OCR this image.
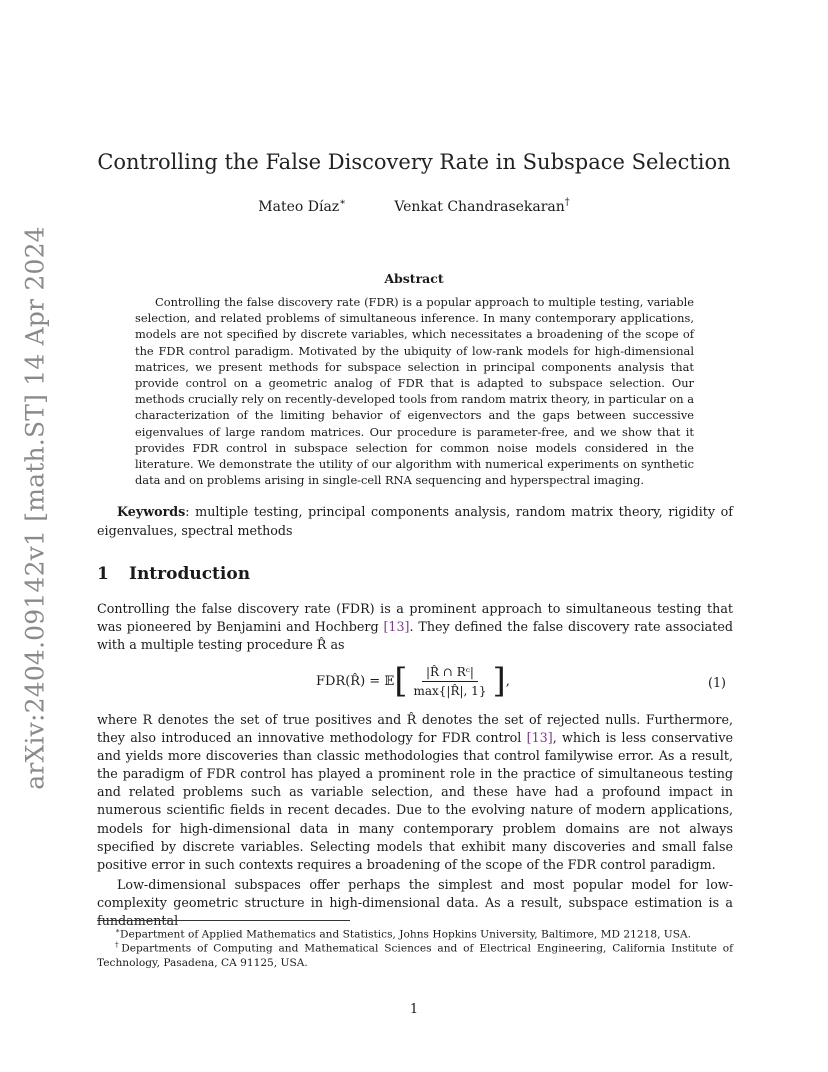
arXiv:2404.09142v1 [math.ST] 14 Apr 2024
Controlling the False Discovery Rate in Subspace Selection
Mateo Díaz∗	Venkat Chandrasekaran†
Abstract
Controlling the false discovery rate (FDR) is a popular approach to multiple testing, variable selection, and related problems of simultaneous inference. In many contemporary applications, models are not specified by discrete variables, which necessitates a broadening of the scope of the FDR control paradigm. Motivated by the ubiquity of low-rank models for high-dimensional matrices, we present methods for subspace selection in principal components analysis that provide control on a geometric analog of FDR that is adapted to subspace selection. Our methods crucially rely on recently-developed tools from random matrix theory, in particular on a characterization of the limiting behavior of eigenvectors and the gaps between successive eigenvalues of large random matrices. Our procedure is parameter-free, and we show that it provides FDR control in subspace selection for common noise models considered in the literature. We demonstrate the utility of our algorithm with numerical experiments on synthetic data and on problems arising in single-cell RNA sequencing and hyperspectral imaging.
Keywords: multiple testing, principal components analysis, random matrix theory, rigidity of eigenvalues, spectral methods
1 Introduction
Controlling the false discovery rate (FDR) is a prominent approach to simultaneous testing that was pioneered by Benjamini and Hochberg [13]. They defined the false discovery rate associated with a multiple testing procedure R̂ as
FDR(R̂) = 𝔼 [ $\frac{\text{|R̂ ∩ Rᶜ|}}{\max\{|R̂|, 1\}}$ ] ,	(1)
where R denotes the set of true positives and R̂ denotes the set of rejected nulls. Furthermore, they also introduced an innovative methodology for FDR control [13], which is less conservative and yields more discoveries than classic methodologies that control familywise error. As a result, the paradigm of FDR control has played a prominent role in the practice of simultaneous testing and related problems such as variable selection, and these have had a profound impact in numerous scientific fields in recent decades. Due to the evolving nature of modern applications, models for high-dimensional data in many contemporary problem domains are not always specified by discrete variables. Selecting models that exhibit many discoveries and small false positive error in such contexts requires a broadening of the scope of the FDR control paradigm.
Low-dimensional subspaces offer perhaps the simplest and most popular model for low-complexity geometric structure in high-dimensional data. As a result, subspace estimation is a fundamental
∗Department of Applied Mathematics and Statistics, Johns Hopkins University, Baltimore, MD 21218, USA.
†Departments of Computing and Mathematical Sciences and of Electrical Engineering, California Institute of Technology, Pasadena, CA 91125, USA.
1
